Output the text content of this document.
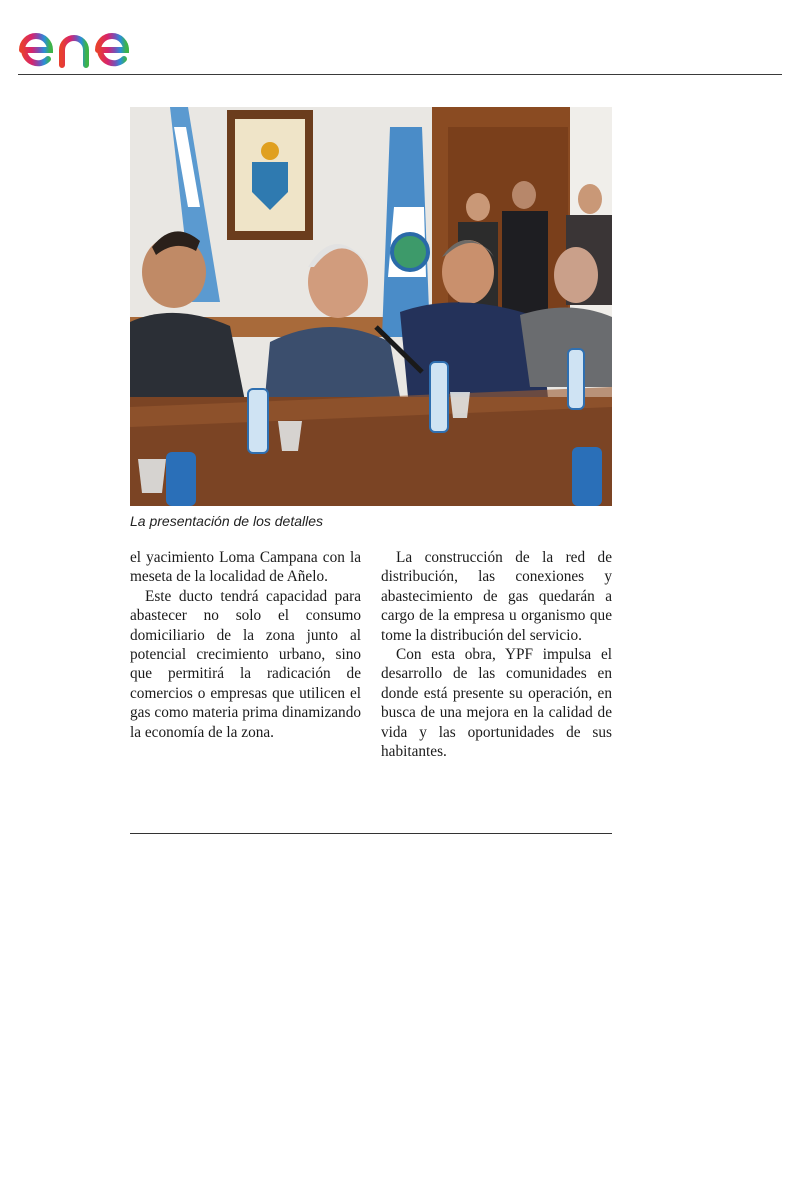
La presentación de los detalles

el yacimiento Loma Campana con la meseta de la localidad de Añelo.

Este ducto tendrá capacidad para abastecer no solo el consumo domiciliario de la zona junto al potencial crecimiento urbano, sino que permitirá la radicación de comercios o empresas que utilicen el gas como materia prima dinamizando la economía de la zona.

La construcción de la red de distribución, las conexiones y abastecimiento de gas quedarán a cargo de la empresa u organismo que tome la distribución del servicio.

Con esta obra, YPF impulsa el desarrollo de las comunidades en donde está presente su operación, en busca de una mejora en la calidad de vida y las oportunidades de sus habitantes.
